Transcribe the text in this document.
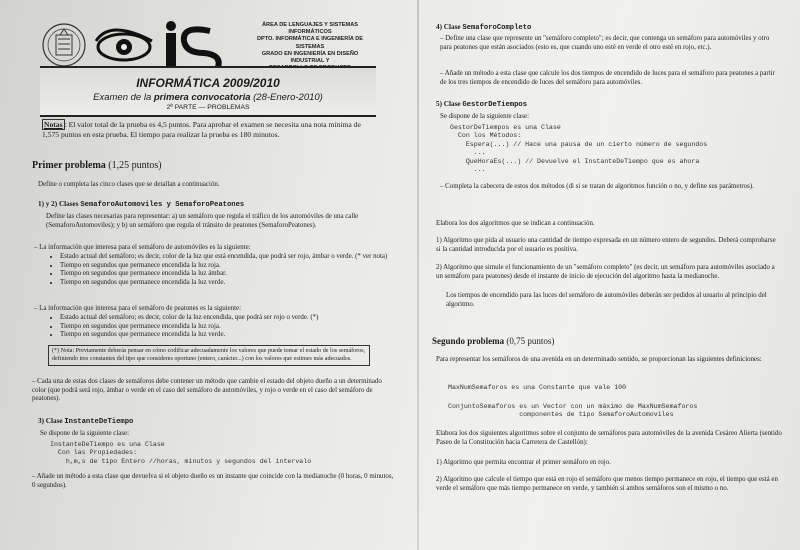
ÁREA DE LENGUAJES Y SISTEMAS INFORMÁTICOS
DPTO. INFORMÁTICA E INGENIERÍA DE SISTEMAS
GRADO EN INGENIERÍA EN DISEÑO INDUSTRIAL Y
INFORMÁTICA 2009/2010
Examen de la primera convocatoria (28-Enero-2010)
2ª PARTE — PROBLEMAS
Notas : El valor total de la prueba es 4,5 puntos. Para aprobar el examen se necesita una nota mínima de 1,575 puntos en esta prueba. El tiempo para realizar la prueba es 180 minutos.
Primer problema (1,25 puntos)
Define o completa las cinco clases que se detallan a continuación.
1) y 2) Clases SemaforoAutomoviles y SemaforoPeatones
Define las clases necesarias para representar: a) un semáforo que regula el tráfico de los automóviles de una calle (SemaforoAutomoviles); y b) un semáforo que regula el tránsito de peatones (SemaforoPeatones).
– La información que interesa para el semáforo de automóviles es la siguiente:
• Estado actual del semáforo; es decir, color de la luz que está encendida, que podrá ser rojo, ámbar o verde. (* ver nota)
• Tiempo en segundos que permanece encendida la luz roja.
• Tiempo en segundos que permanece encendida la luz ámbar.
• Tiempo en segundos que permanece encendida la luz verde.
– La información que interesa para el semáforo de peatones es la siguiente:
• Estado actual del semáforo; es decir, color de la luz encendida, que podrá ser rojo o verde. (*)
• Tiempo en segundos que permanece encendida la luz roja.
• Tiempo en segundos que permanece encendida la luz verde.
(*) Nota: Previamente deberás pensar en cómo codificar adecuadamente los valores que puede tomar el estado de los semáforos, definiendo tres constantes del tipo que consideres oportuno (entero, carácter...) con los valores que estimes más adecuados.
– Cada una de estas dos clases de semáforos debe contener un método que cambie el estado del objeto dueño a un determinado color (que podrá será rojo, ámbar o verde en el caso del semáforo de automóviles, y rojo o verde en el caso del semáforo de peatones).
3) Clase InstanteDeTiempo
Se dispone de la siguiente clase:
InstanteDeTiempo es una Clase
Con las Propiedades:
h,m,s de tipo Entero //horas, minutos y segundos del intervalo
– Añade un método a esta clase que devuelva si el objeto dueño es un instante que coincide con la medianoche (0 horas, 0 minutos, 0 segundos).
4) Clase SemaforoCompleto
– Define una clase que represente un "semáforo completo"; es decir, que contenga un semáforo para automóviles y otro para peatones que están asociados (esto es, que cuando uno esté en verde el otro esté en rojo, etc.).
– Añade un método a esta clase que calcule los dos tiempos de encendido de luces para el semáforo para peatones a partir de los tres tiempos de encendido de luces del semáforo para automóviles.
5) Clase GestorDeTiempos
Se dispone de la siguiente clase:
GestorDeTiempos es una Clase
Con los Métodos:
Espera(...) // Hace una pausa de un cierto número de segundos
...
QueHoraEs(...) // Devuelve el InstanteDeTiempo que es ahora
...
– Completa la cabecera de estos dos métodos (di si se tratan de algoritmos función o no, y define sus parámetros).
Elabora los dos algoritmos que se indican a continuación.
1) Algoritmo que pida al usuario una cantidad de tiempo expresada en un número entero de segundos. Deberá comprobarse si la cantidad introducida por el usuario es positiva.
2) Algoritmo que simule el funcionamiento de un "semáforo completo" (es decir, un semáforo para automóviles asociado a un semáforo para peatones) desde el instante de inicio de ejecución del algoritmo hasta la medianoche.
Los tiempos de encendido para las luces del semáforo de automóviles deberán ser pedidos al usuario al principio del algoritmo.
Segundo problema (0,75 puntos)
Para representar los semáforos de una avenida en un determinado sentido, se proporcionan las siguientes definiciones:
MaxNumSemaforos es una Constante que vale 100
ConjuntoSemaforos es un Vector con un máximo de MaxNumSemaforos
componentes de tipo SemaforoAutomoviles
Elabora los dos siguientes algoritmos sobre el conjunto de semáforos para automóviles de la avenida Cesáreo Alierta (sentido Paseo de la Constitución hacia Carretera de Castellón):
1) Algoritmo que permita encontrar el primer semáforo en rojo.
2) Algoritmo que calcule el tiempo que está en rojo el semáforo que menos tiempo permanece en rojo, el tiempo que está en verde el semáforo que más tiempo permanece en verde, y también si ambos semáforos son el mismo o no.
